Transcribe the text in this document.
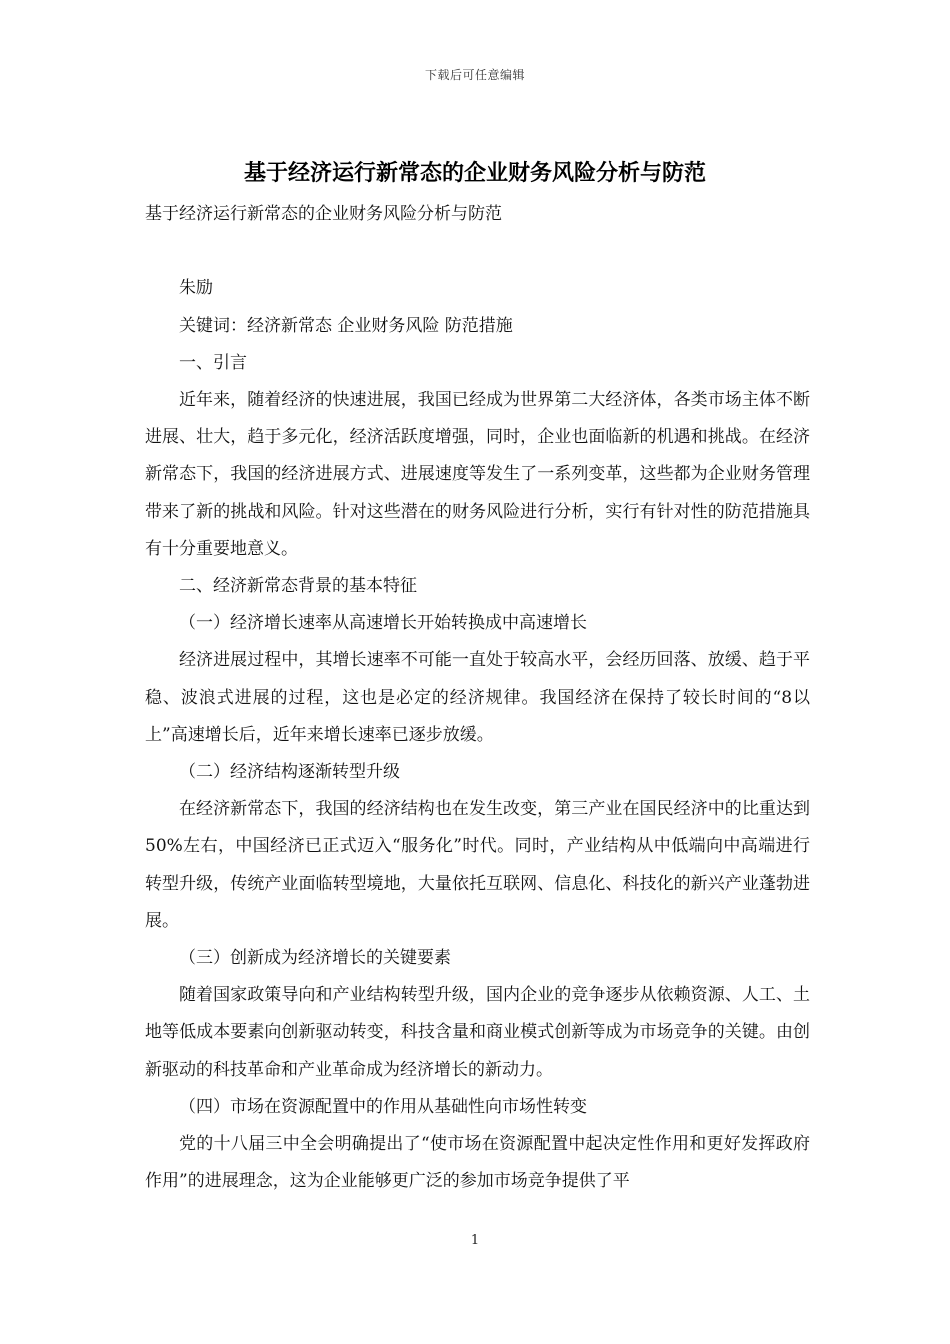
下载后可任意编辑
基于经济运行新常态的企业财务风险分析与防范

基于经济运行新常态的企业财务风险分析与防范

朱励

关键词：经济新常态 企业财务风险 防范措施

一、引言

近年来，随着经济的快速进展，我国已经成为世界第二大经济体，各类市场主体不断进展、壮大，趋于多元化，经济活跃度增强，同时，企业也面临新的机遇和挑战。在经济新常态下，我国的经济进展方式、进展速度等发生了一系列变革，这些都为企业财务管理带来了新的挑战和风险。针对这些潜在的财务风险进行分析，实行有针对性的防范措施具有十分重要地意义。

二、经济新常态背景的基本特征

（一）经济增长速率从高速增长开始转换成中高速增长

经济进展过程中，其增长速率不可能一直处于较高水平，会经历回落、放缓、趋于平稳、波浪式进展的过程，这也是必定的经济规律。我国经济在保持了较长时间的“8以上”高速增长后，近年来增长速率已逐步放缓。

（二）经济结构逐渐转型升级

在经济新常态下，我国的经济结构也在发生改变，第三产业在国民经济中的比重达到50%左右，中国经济已正式迈入“服务化”时代。同时，产业结构从中低端向中高端进行转型升级，传统产业面临转型境地，大量依托互联网、信息化、科技化的新兴产业蓬勃进展。

（三）创新成为经济增长的关键要素

随着国家政策导向和产业结构转型升级，国内企业的竞争逐步从依赖资源、人工、土地等低成本要素向创新驱动转变，科技含量和商业模式创新等成为市场竞争的关键。由创新驱动的科技革命和产业革命成为经济增长的新动力。

（四）市场在资源配置中的作用从基础性向市场性转变

党的十八届三中全会明确提出了“使市场在资源配置中起决定性作用和更好发挥政府作用”的进展理念，这为企业能够更广泛的参加市场竞争提供了平

1
